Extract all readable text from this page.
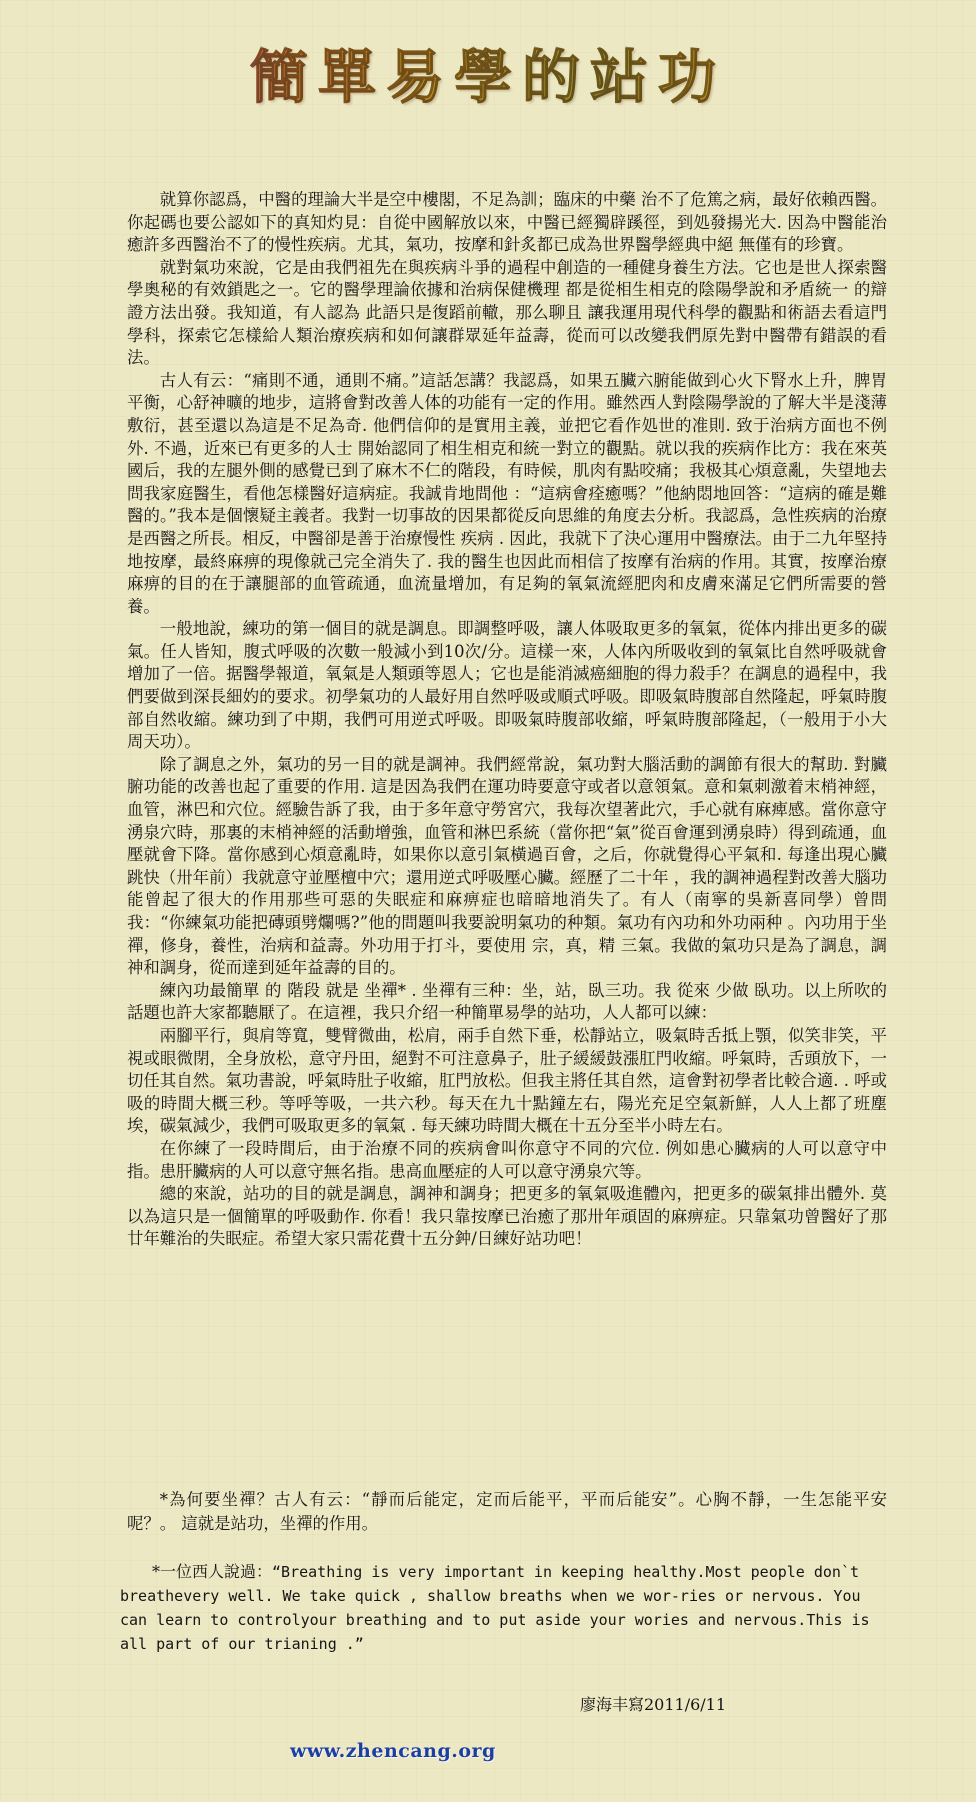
簡單易學的站功

就算你認爲，中醫的理論大半是空中樓閣，不足為訓；臨床的中藥 治不了危篤之病，最好依賴西醫。你起碼也要公認如下的真知灼見：自從中國解放以來，中醫已經獨辟蹊徑，到処發揚光大. 因為中醫能治癒許多西醫治不了的慢性疾病。尤其，氣功，按摩和針炙都已成為世界醫學經典中絕 無僅有的珍寶。

就對氣功來說，它是由我們祖先在與疾病斗爭的過程中創造的一種健身養生方法。它也是世人探索醫學奧秘的有效鎖匙之一。它的醫學理論依據和治病保健機理 都是從相生相克的陰陽學說和矛盾統一 的辯證方法出發。我知道，有人認為 此語只是復蹈前轍，那么聊且 讓我運用現代科學的觀點和術語去看這門學科，探索它怎樣給人類治療疾病和如何讓群眾延年益壽，從而可以改變我們原先對中醫帶有錯誤的看法。

古人有云：“痛則不通，通則不痛。”這話怎講？我認爲，如果五臟六腑能做到心火下腎水上升，脾胃平衡，心舒神曠的地步，這將會對改善人体的功能有一定的作用。雖然西人對陰陽學說的了解大半是淺薄敷衍，甚至還以為這是不足為奇. 他們信仰的是實用主義，並把它看作処世的准則. 致于治病方面也不例外. 不過，近來已有更多的人士 開始認同了相生相克和統一對立的觀點。就以我的疾病作比方：我在來英國后，我的左腿外側的感覺已到了麻木不仁的階段，有時候，肌肉有點咬痛；我极其心煩意亂，失望地去問我家庭醫生，看他怎樣醫好這病症。我誠肯地問他 ：“這病會痊癒嗎？”他納悶地回答：“這病的確是難醫的。”我本是個懷疑主義者。我對一切事故的因果都從反向思維的角度去分析。我認爲，急性疾病的治療是西醫之所長。相反，中醫卻是善于治療慢性 疾病 . 因此，我就下了決心運用中醫療法。由于二九年堅持地按摩，最終麻痹的現像就己完全消失了. 我的醫生也因此而相信了按摩有治病的作用。其實，按摩治療麻痹的目的在于讓腿部的血管疏通，血流量增加，有足夠的氧氣流經肥肉和皮膚來滿足它們所需要的營養。

一般地說，練功的第一個目的就是調息。即調整呼吸，讓人体吸取更多的氧氣，從体内排出更多的碳氣。任人皆知，腹式呼吸的次數一般減小到10次/分。這樣一來，人体內所吸收到的氧氣比自然呼吸就會增加了一倍。据醫學報道，氧氣是人類頭等恩人；它也是能消滅癌細胞的得力殺手？在調息的過程中，我們要做到深長細妁的要求。初學氣功的人最好用自然呼吸或順式呼吸。即吸氣時腹部自然隆起，呼氣時腹部自然收縮。練功到了中期，我們可用逆式呼吸。即吸氣時腹部收縮，呼氣時腹部隆起，（一般用于小大周天功）。

除了調息之外，氣功的另一目的就是調神。我們經常說，氣功對大腦活動的調節有很大的幫助. 對臟腑功能的改善也起了重要的作用. 這是因為我們在運功時要意守或者以意領氣。意和氣刺激着末梢神經，血管，淋巴和穴位。經驗告訴了我，由于多年意守勞宮穴，我每次望著此穴，手心就有麻痺感。當你意守湧泉穴時，那裏的末梢神經的活動增強，血管和淋巴系統（當你把“氣”從百會運到湧泉時）得到疏通，血壓就會下降。當你感到心煩意亂時，如果你以意引氣橫過百會，之后，你就覺得心平氣和. 每逢出現心臟跳快（卅年前）我就意守並壓檀中穴；還用逆式呼吸壓心臟。經歷了二十年 ，我的調神過程對改善大腦功能曾起了很大的作用那些可惡的失眠症和麻痹症也暗暗地消失了。有人（南寧的吳新喜同學）曾問我：“你練氣功能把磚頭劈爛嗎?”他的問題叫我要說明氣功的种類。氣功有內功和外功兩种 。內功用于坐禪，修身，養性，治病和益壽。外功用于打斗，要使用 宗，真，精 三氣。我做的氣功只是為了調息，調神和調身，從而達到延年益壽的目的。

練內功最簡單 的 階段 就是 坐禪* . 坐禪有三种：坐，站，臥三功。我 從來 少做 臥功。以上所吹的話題也許大家都聽厭了。在這裡，我只介绍一种簡單易學的站功，人人都可以練：

兩腳平行，與肩等寬，雙臂微曲，松肩，兩手自然下垂，松靜站立，吸氣時舌抵上顎，似笑非笑，平視或眼微閉，全身放松，意守丹田，絕對不可注意鼻子，肚子緩緩鼓漲肛門收縮。呼氣時，舌頭放下，一切任其自然。氣功書說，呼氣時肚子收縮，肛門放松。但我主將任其自然，這會對初學者比較合適. . 呼或吸的時間大概三秒。等呼等吸，一共六秒。每天在九十點鐘左右，陽光充足空氣新鮮，人人上都了班塵埃，碳氣減少，我們可吸取更多的氧氣 . 每天練功時間大概在十五分至半小時左右。

在你練了一段時間后，由于治療不同的疾病會叫你意守不同的穴位. 例如患心臟病的人可以意守中指。患肝臟病的人可以意守無名指。患高血壓症的人可以意守湧泉穴等。

總的來說，站功的目的就是調息，調神和調身；把更多的氧氣吸進體內，把更多的碳氣排出體外. 莫以為這只是一個簡單的呼吸動作. 你看！我只靠按摩已治癒了那卅年頑固的麻痹症。只靠氣功曾醫好了那廿年難治的失眠症。希望大家只需花費十五分鈡/日練好站功吧！

*為何要坐禪？古人有云：“靜而后能定，定而后能平，平而后能安”。心胸不靜，一生怎能平安呢？。 這就是站功，坐禪的作用。

*一位西人說過：“Breathing is very important in keeping healthy.Most people don`t breathevery well. We take quick , shallow breaths when we wor-ries or nervous. You can learn to controlyour breathing and to put aside your wories and nervous.This is all part of our trianing .”

廖海丰寫2011/6/11
www.zhencang.org
